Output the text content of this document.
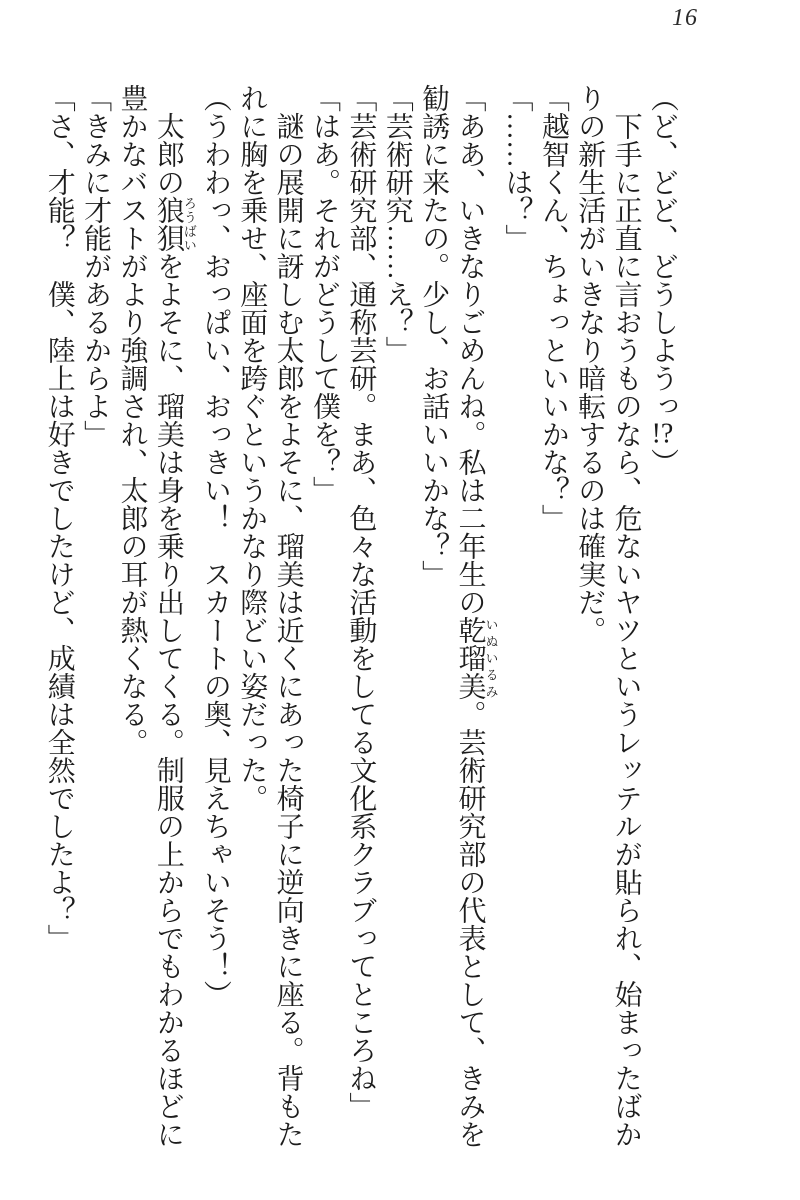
16

（ど、どど、どうしようっ!?）

下手に正直に言おうものなら、危ないヤツというレッテルが貼られ、始まったばかりの新生活がいきなり暗転するのは確実だ。

「越智くん、ちょっといいかな？」

「……は？」

「ああ、いきなりごめんね。私は二年生の乾瑠美いぬいるみ。芸術研究部の代表として、きみを勧誘に来たの。少し、お話いいかな？」

「芸術研究……え？」

「芸術研究部、通称芸研。まあ、色々な活動をしてる文化系クラブってところね」

「はあ。それがどうして僕を？」

謎の展開に訝しむ太郎をよそに、瑠美は近くにあった椅子に逆向きに座る。背もたれに胸を乗せ、座面を跨ぐというかなり際どい姿だった。

（うわわっ、おっぱい、おっきい！　スカートの奥、見えちゃいそう！）

太郎の狼狽ろうばいをよそに、瑠美は身を乗り出してくる。制服の上からでもわかるほどに豊かなバストがより強調され、太郎の耳が熱くなる。

「きみに才能があるからよ」

「さ、才能？　僕、陸上は好きでしたけど、成績は全然でしたよ？」
